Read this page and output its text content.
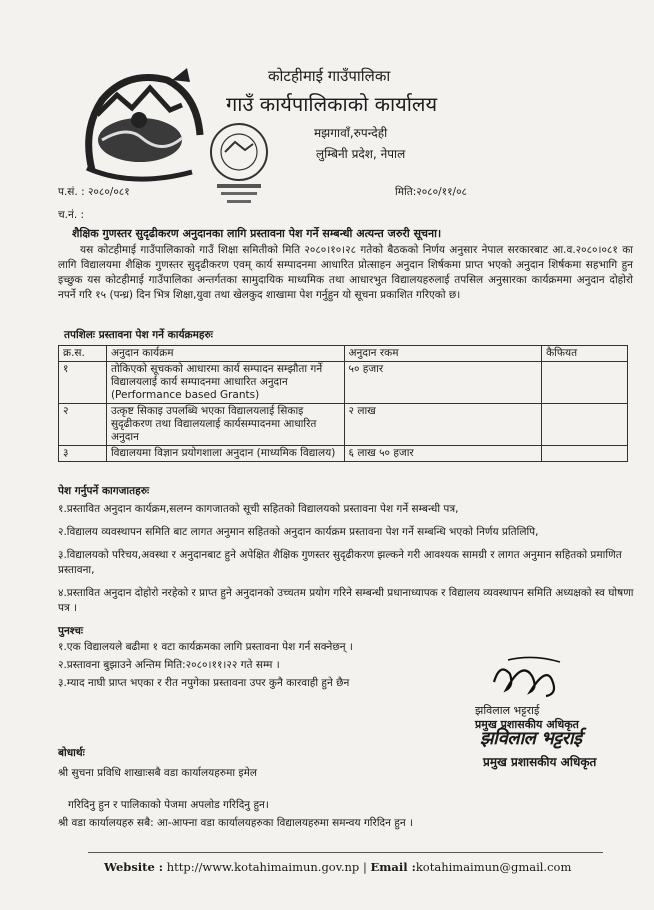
कोटहीमाई गाउँपालिका
गाउँ कार्यपालिकाको कार्यालय
मझगावाँ,रुपन्देही
लुम्बिनी प्रदेश, नेपाल
प.सं. : २०८०/०८१	मिति:२०८०/११/०८
च.नं. :
शैक्षिक गुणस्तर सुदृढीकरण अनुदानका लागि प्रस्तावना पेश गर्ने सम्बन्धी अत्यन्त जरुरी सूचना।

यस कोटहीमाई गाउँपालिकाको गाउँ शिक्षा समितीको मिति २०८०।१०।२८ गतेको बैठकको निर्णय अनुसार नेपाल सरकारबाट आ.व.२०८०।०८१ का लागि विद्यालयमा शैक्षिक गुणस्तर सुदृढीकरण एवम् कार्य सम्पादनमा आधारित प्रोत्साहन अनुदान शिर्षकमा प्राप्त भएको अनुदान शिर्षकमा सहभागि हुन इच्छुक यस कोटहीमाई गाउँपालिका अन्तर्गतका सामुदायिक माध्यमिक तथा आधारभुत विद्यालयहरुलाई तपसिल अनुसारका कार्यक्रममा अनुदान दोहोरो नपर्ने गरि १५ (पन्ध्र) दिन भित्र शिक्षा,युवा तथा खेलकुद शाखामा पेश गर्नुहुन यो सूचना प्रकाशित गरिएको छ।

तपशिलः प्रस्तावना पेश गर्ने कार्यक्रमहरुः
क्र.स.	अनुदान कार्यक्रम	अनुदान रकम	कैफियत
१	तोकिएको सूचकको आधारमा कार्य सम्पादन सम्झौता गर्ने विद्यालयलाई कार्य सम्पादनमा आधारित अनुदान (Performance based Grants)	५० हजार	
२	उत्कृष्ट सिकाइ उपलब्धि भएका विद्यालयलाई सिकाइ सुदृढीकरण तथा विद्यालयलाई कार्यसम्पादनमा आधारित अनुदान	२ लाख	
३	विद्यालयमा विज्ञान प्रयोगशाला अनुदान (माध्यमिक विद्यालय)	६ लाख ५० हजार	
पेश गर्नुपर्ने कागजातहरुः

१.प्रस्तावित अनुदान कार्यक्रम,सलग्न कागजातको सूची सहितको विद्यालयको प्रस्तावना पेश गर्ने सम्बन्धी पत्र,

२.विद्यालय व्यवस्थापन समिति बाट लागत अनुमान सहितको अनुदान कार्यक्रम प्रस्तावना पेश गर्ने सम्बन्धि भएको निर्णय प्रतिलिपि,

३.विद्यालयको परिचय,अवस्था र अनुदानबाट हुने अपेक्षित शैक्षिक गुणस्तर सुदृढीकरण झल्कने गरी आवश्यक सामग्री र लागत अनुमान सहितको प्रमाणित प्रस्तावना,

४.प्रस्तावित अनुदान दोहोरो नरहेको र प्राप्त हुने अनुदानको उच्चतम प्रयोग गरिने सम्बन्धी प्रधानाध्यापक र विद्यालय व्यवस्थापन समिति अध्यक्षको स्व घोषणा पत्र ।

पुनश्चः

१.एक विद्यालयले बढीमा १ वटा कार्यक्रमका लागि प्रस्तावना पेश गर्न सक्नेछन् ।

२.प्रस्तावना बुझाउने अन्तिम मिति:२०८०।११।२२ गते सम्म ।

३.म्याद नाघी प्राप्त भएका र रीत नपुगेका प्रस्तावना उपर कुनै कारवाही हुने छैन

झविलाल भट्टराई
प्रमुख प्रशासकीय अधिकृत
झविलाल भट्टराई
प्रमुख प्रशासकीय अधिकृत
बोधार्थः
श्री सुचना प्रविधि शाखाःसबै वडा कार्यालयहरुमा इमेल
गरिदिनु हुन र पालिकाको पेजमा अपलोड गरिदिनु हुन।
श्री वडा कार्यालयहरु सबै: आ-आफ्ना वडा कार्यालयहरुका विद्यालयहरुमा समन्वय गरिदिन हुन ।
Website : http://www.kotahimaimun.gov.np | Email :kotahimaimun@gmail.com
